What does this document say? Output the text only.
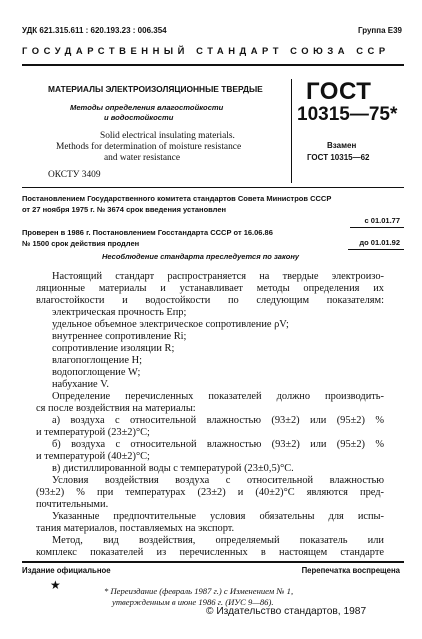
УДК 621.315.611 : 620.193.23 : 006.354	Группа Е39
ГОСУДАРСТВЕННЫЙ СТАНДАРТ СОЮЗА ССР
МАТЕРИАЛЫ ЭЛЕКТРОИЗОЛЯЦИОННЫЕ ТВЕРДЫЕ
Методы определения влагостойкости
и водостойкости
Solid electrical insulating materials.
Methods for determination of moisture resistance
and water resistance
ОКСТУ 3409
ГОСТ
10315—75*
Взамен
ГОСТ 10315—62
Постановлением Государственного комитета стандартов Совета Министров СССР
от 27 ноября 1975 г. № 3674 срок введения установлен
с 01.01.77
Проверен в 1986 г. Постановлением Госстандарта СССР от 16.06.86
№ 1500 срок действия продлен	до 01.01.92
Несоблюдение стандарта преследуется по закону
Настоящий стандарт распространяется на твердые электроизо-
ляционные материалы и устанавливает методы определения их
влагостойкости и водостойкости по следующим показателям:
электрическая прочность Eпр;
удельное объемное электрическое сопротивление ρV;
внутреннее сопротивление Ri;
сопротивление изоляции R;
влагопоглощение H;
водопоглощение W;
набухание V.
Определение перечисленных показателей должно производить-
ся после воздействия на материалы:
а) воздуха с относительной влажностью (93±2) или (95±2) %
и температурой (23±2)°С;
б) воздуха с относительной влажностью (93±2) или (95±2) %
и температурой (40±2)°С;
в) дистиллированной воды с температурой (23±0,5)°С.
Условия воздействия воздуха с относительной влажностью
(93±2) % при температурах (23±2) и (40±2)°С являются пред-
почтительными.
Указанные предпочтительные условия обязательны для испы-
тания материалов, поставляемых на экспорт.
Метод, вид воздействия, определяемый показатель или
комплекс показателей из перечисленных в настоящем стандарте
Издание официальное	Перепечатка воспрещена
★	* Переиздание (февраль 1987 г.) с Изменением № 1,
утвержденным в июне 1986 г. (ИУС 9—86).
© Издательство стандартов, 1987
